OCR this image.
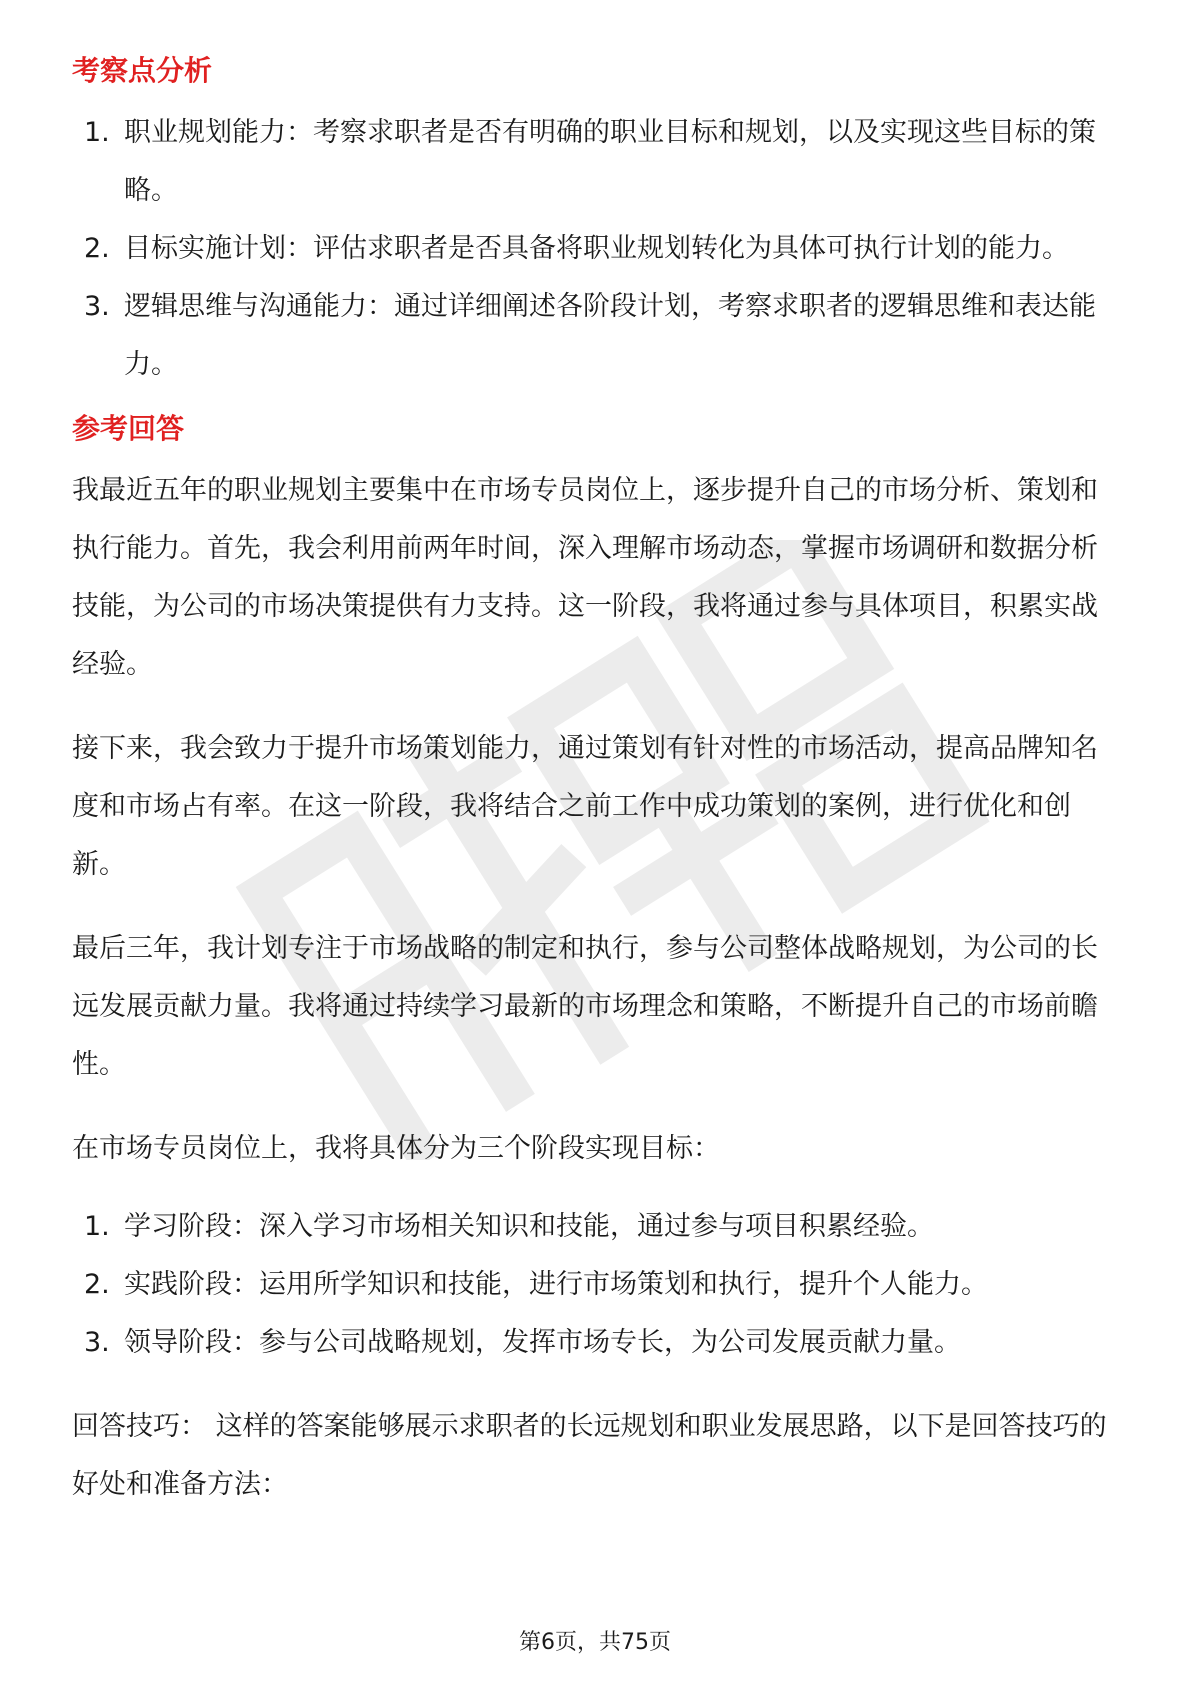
考察点分析
1. 职业规划能力：考察求职者是否有明确的职业目标和规划，以及实现这些目标的策略。
2. 目标实施计划：评估求职者是否具备将职业规划转化为具体可执行计划的能力。
3. 逻辑思维与沟通能力：通过详细阐述各阶段计划，考察求职者的逻辑思维和表达能力。
参考回答

我最近五年的职业规划主要集中在市场专员岗位上，逐步提升自己的市场分析、策划和执行能力。首先，我会利用前两年时间，深入理解市场动态，掌握市场调研和数据分析技能，为公司的市场决策提供有力支持。这一阶段，我将通过参与具体项目，积累实战经验。

接下来，我会致力于提升市场策划能力，通过策划有针对性的市场活动，提高品牌知名度和市场占有率。在这一阶段，我将结合之前工作中成功策划的案例，进行优化和创新。

最后三年，我计划专注于市场战略的制定和执行，参与公司整体战略规划，为公司的长远发展贡献力量。我将通过持续学习最新的市场理念和策略，不断提升自己的市场前瞻性。

在市场专员岗位上，我将具体分为三个阶段实现目标：

1. 学习阶段：深入学习市场相关知识和技能，通过参与项目积累经验。
2. 实践阶段：运用所学知识和技能，进行市场策划和执行，提升个人能力。
3. 领导阶段：参与公司战略规划，发挥市场专长，为公司发展贡献力量。

回答技巧： 这样的答案能够展示求职者的长远规划和职业发展思路，以下是回答技巧的好处和准备方法：

第6页，共75页
